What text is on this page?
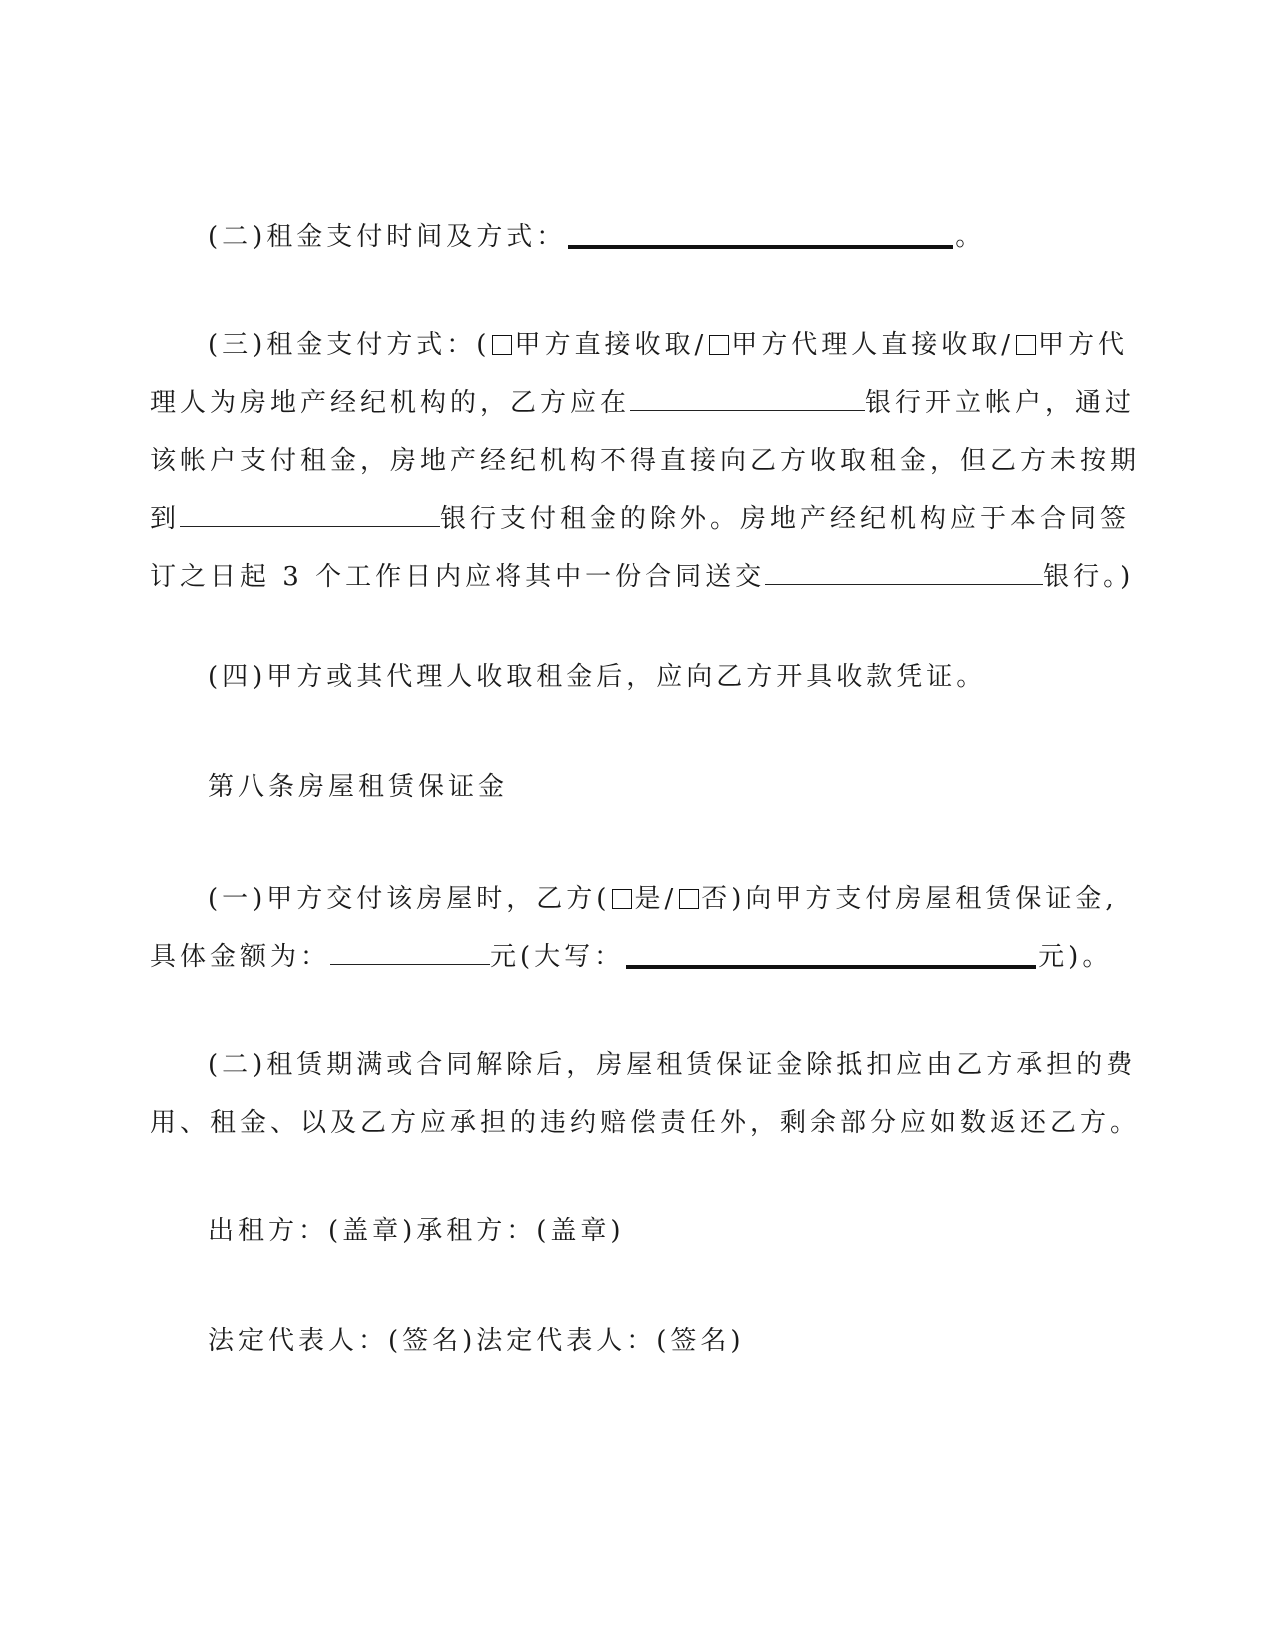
(二)租金支付时间及方式：	。
(三)租金支付方式：( 甲方直接收取/ 甲方代理人直接收取/ 甲方代
理人为房地产经纪机构的，乙方应在	银行开立帐户，通过
该帐户支付租金，房地产经纪机构不得直接向乙方收取租金，但乙方未按期
到	银行支付租金的除外。房地产经纪机构应于本合同签
订之日起 3 个工作日内应将其中一份合同送交	银行。)
(四)甲方或其代理人收取租金后，应向乙方开具收款凭证。
第八条房屋租赁保证金
(一)甲方交付该房屋时，乙方( 是/ 否)向甲方支付房屋租赁保证金,
具体金额为：	元(大写：	元)。
(二)租赁期满或合同解除后，房屋租赁保证金除抵扣应由乙方承担的费
用、租金、以及乙方应承担的违约赔偿责任外，剩余部分应如数返还乙方。
出租方：(盖章)承租方：(盖章)
法定代表人：(签名)法定代表人：(签名)
